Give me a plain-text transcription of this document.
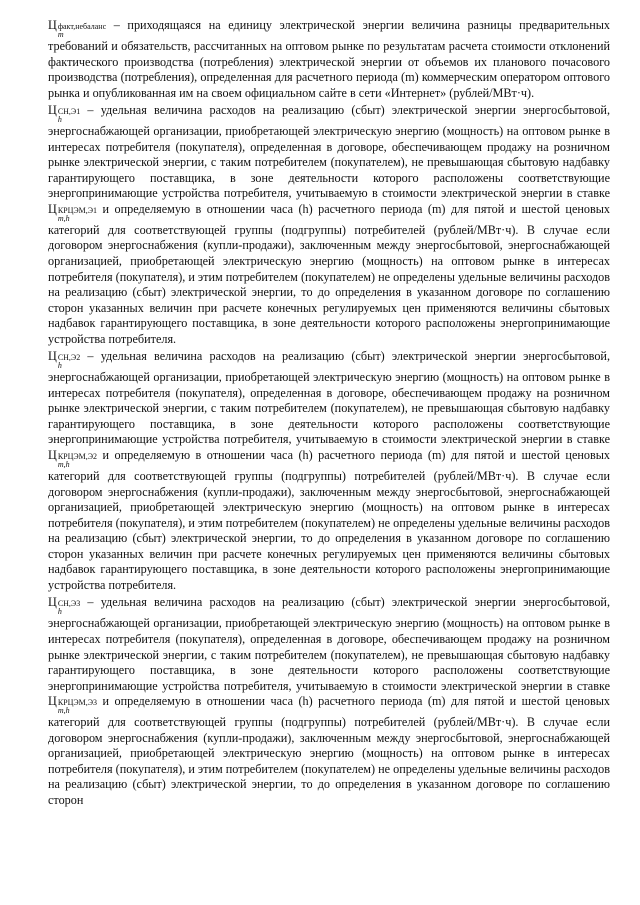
Ц факт,небаланс
m
– приходящаяся на единицу электрической энергии величина разницы предварительных требований и обязательств, рассчитанных на оптовом рынке по результатам расчета стоимости отклонений фактического производства (потребления) электрической энергии от объемов их планового почасового производства (потребления), определенная для расчетного периода (m) коммерческим оператором оптового рынка и опубликованная им на своем официальном сайте в сети «Интернет» (рублей/МВт·ч).

Ц СН,Э1
h
– удельная величина расходов на реализацию (сбыт) электрической энергии энергосбытовой, энергоснабжающей организации, приобретающей электрическую энергию (мощность) на оптовом рынке в интересах потребителя (покупателя), определенная в договоре, обеспечивающем продажу на розничном рынке электрической энергии, с таким потребителем (покупателем), не превышающая сбытовую надбавку гарантирующего поставщика, в зоне деятельности которого расположены соответствующие энергопринимающие устройства потребителя, учитываемую в стоимости электрической энергии в ставке
Ц КРЦЭМ,Э1
m,h
и определяемую в отношении часа (h) расчетного периода (m) для пятой и шестой ценовых категорий для соответствующей группы (подгруппы) потребителей (рублей/МВт·ч). В случае если договором энергоснабжения (купли-продажи), заключенным между энергосбытовой, энергоснабжающей организацией, приобретающей электрическую энергию (мощность) на оптовом рынке в интересах потребителя (покупателя), и этим потребителем (покупателем) не определены удельные величины расходов на реализацию (сбыт) электрической энергии, то до определения в указанном договоре по соглашению сторон указанных величин при расчете конечных регулируемых цен применяются величины сбытовых надбавок гарантирующего поставщика, в зоне деятельности которого расположены энергопринимающие устройства потребителя.

Ц СН,Э2
h
– удельная величина расходов на реализацию (сбыт) электрической энергии энергосбытовой, энергоснабжающей организации, приобретающей электрическую энергию (мощность) на оптовом рынке в интересах потребителя (покупателя), определенная в договоре, обеспечивающем продажу на розничном рынке электрической энергии, с таким потребителем (покупателем), не превышающая сбытовую надбавку гарантирующего поставщика, в зоне деятельности которого расположены соответствующие энергопринимающие устройства потребителя, учитываемую в стоимости электрической энергии в ставке
Ц КРЦЭМ,Э2
m,h
и определяемую в отношении часа (h) расчетного периода (m) для пятой и шестой ценовых категорий для соответствующей группы (подгруппы) потребителей (рублей/МВт·ч). В случае если договором энергоснабжения (купли-продажи), заключенным между энергосбытовой, энергоснабжающей организацией, приобретающей электрическую энергию (мощность) на оптовом рынке в интересах потребителя (покупателя), и этим потребителем (покупателем) не определены удельные величины расходов на реализацию (сбыт) электрической энергии, то до определения в указанном договоре по соглашению сторон указанных величин при расчете конечных регулируемых цен применяются величины сбытовых надбавок гарантирующего поставщика, в зоне деятельности которого расположены энергопринимающие устройства потребителя.

Ц СН,Э3
h
– удельная величина расходов на реализацию (сбыт) электрической энергии энергосбытовой, энергоснабжающей организации, приобретающей электрическую энергию (мощность) на оптовом рынке в интересах потребителя (покупателя), определенная в договоре, обеспечивающем продажу на розничном рынке электрической энергии, с таким потребителем (покупателем), не превышающая сбытовую надбавку гарантирующего поставщика, в зоне деятельности которого расположены соответствующие энергопринимающие устройства потребителя, учитываемую в стоимости электрической энергии в ставке
Ц КРЦЭМ,Э3
m,h
и определяемую в отношении часа (h) расчетного периода (m) для пятой и шестой ценовых категорий для соответствующей группы (подгруппы) потребителей (рублей/МВт·ч). В случае если договором энергоснабжения (купли-продажи), заключенным между энергосбытовой, энергоснабжающей организацией, приобретающей электрическую энергию (мощность) на оптовом рынке в интересах потребителя (покупателя), и этим потребителем (покупателем) не определены удельные величины расходов на реализацию (сбыт) электрической энергии, то до определения в указанном договоре по соглашению сторон
